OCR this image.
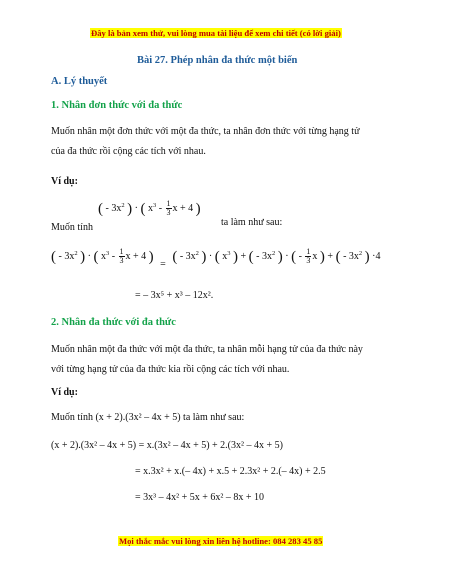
Đây là bản xem thử, vui lòng mua tài liệu để xem chi tiết (có lời giải)
Bài 27. Phép nhân đa thức một biến
A. Lý thuyết
1. Nhân đơn thức với đa thức
Muốn nhân một đơn thức với một đa thức, ta nhân đơn thức với từng hạng tử
của đa thức rồi cộng các tích với nhau.
Ví dụ:
Muốn tính
( - $3x^2$ ) · ( $x^3 - \frac{1}{3}$ x + 4 )
ta làm như sau:
( - $3x^2$ ) · ( $x^3 - \frac{1}{3}$ x + 4 ) = ( - $3x^2$ ) · ( $x^3$ ) + ( - $3x^2$ ) · ( - $\frac{1}{3}$ x ) + ( - $3x^2$ ) ·4
= – 3x⁵ + x³ – 12x².
2. Nhân đa thức với đa thức
Muốn nhân một đa thức với một đa thức, ta nhân mỗi hạng tử của đa thức này
với từng hạng tử của đa thức kia rồi cộng các tích với nhau.
Ví dụ:
Muốn tính (x + 2).(3x² – 4x + 5) ta làm như sau:
(x + 2).(3x² – 4x + 5) = x.(3x² – 4x + 5) + 2.(3x² – 4x + 5)
= x.3x² + x.(– 4x) + x.5 + 2.3x² + 2.(– 4x) + 2.5
= 3x³ – 4x² + 5x + 6x² – 8x + 10
Mọi thắc mắc vui lòng xin liên hệ hotline: 084 283 45 85
